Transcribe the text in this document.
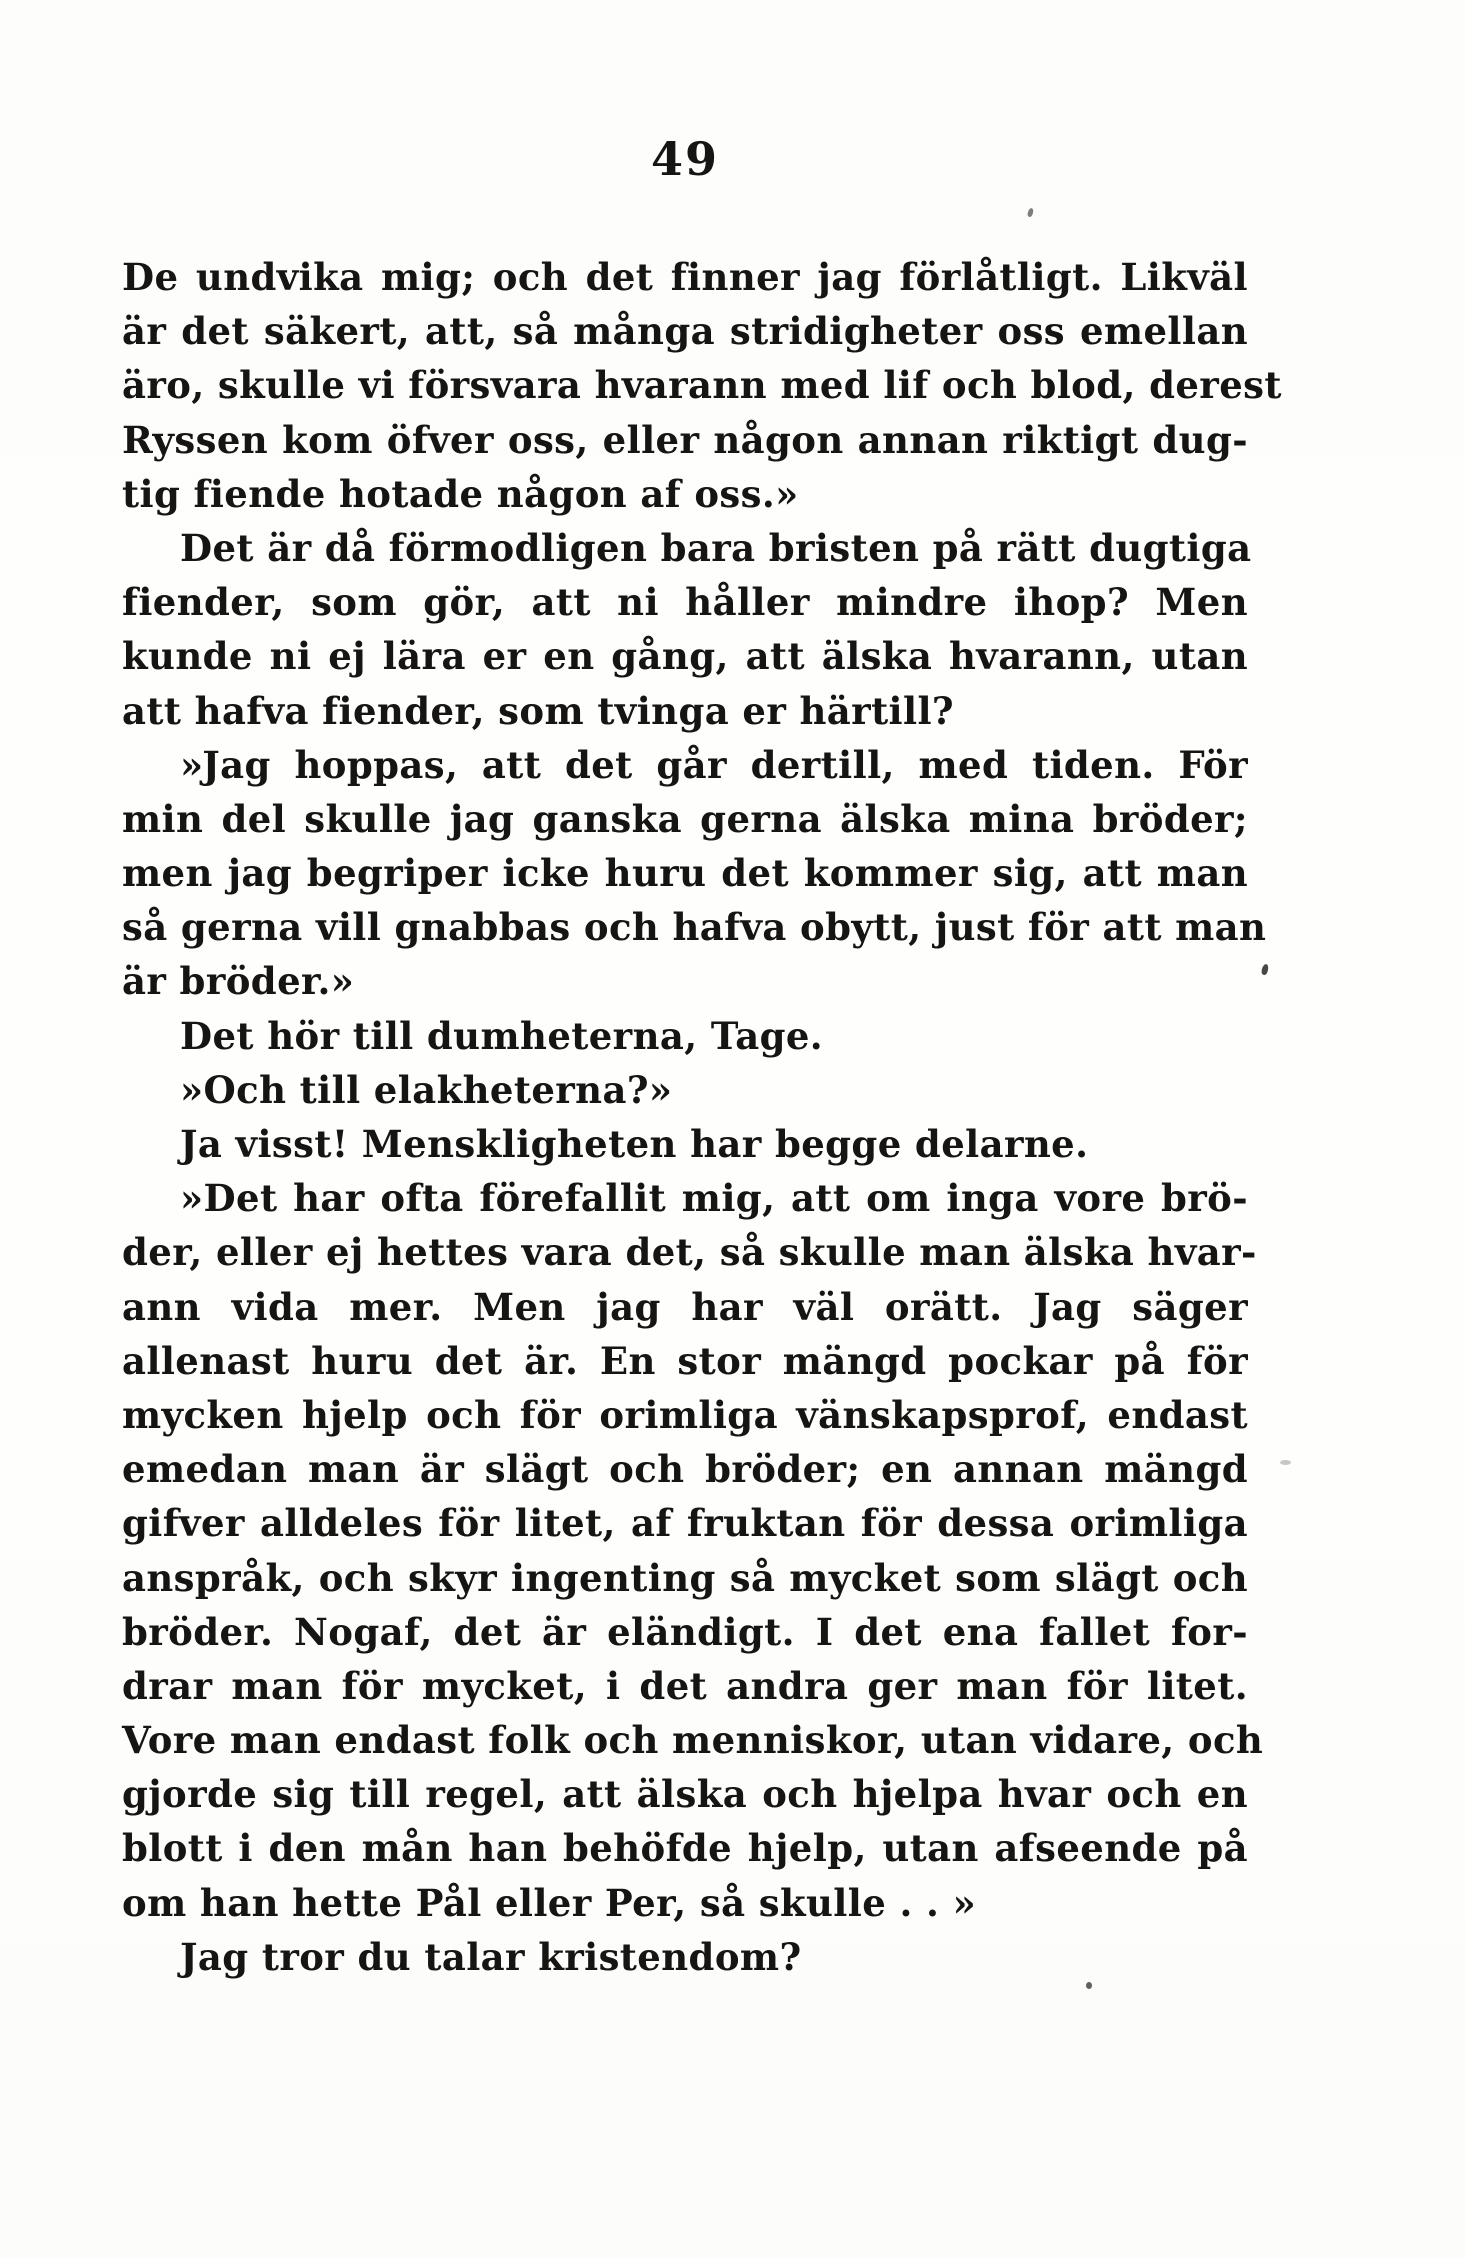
49
De undvika mig; och det finner jag förlåtligt. Likväl
är det säkert, att, så många stridigheter oss emellan
äro, skulle vi försvara hvarann med lif och blod, derest
Ryssen kom öfver oss, eller någon annan riktigt dug-
tig fiende hotade någon af oss.»
Det är då förmodligen bara bristen på rätt dugtiga
fiender, som gör, att ni håller mindre ihop? Men
kunde ni ej lära er en gång, att älska hvarann, utan
att hafva fiender, som tvinga er härtill?
»Jag hoppas, att det går dertill, med tiden. För
min del skulle jag ganska gerna älska mina bröder;
men jag begriper icke huru det kommer sig, att man
så gerna vill gnabbas och hafva obytt, just för att man
är bröder.»
Det hör till dumheterna, Tage.
»Och till elakheterna?»
Ja visst! Menskligheten har begge delarne.
»Det har ofta förefallit mig, att om inga vore brö-
der, eller ej hettes vara det, så skulle man älska hvar-
ann vida mer. Men jag har väl orätt. Jag säger
allenast huru det är. En stor mängd pockar på för
mycken hjelp och för orimliga vänskapsprof, endast
emedan man är slägt och bröder; en annan mängd
gifver alldeles för litet, af fruktan för dessa orimliga
anspråk, och skyr ingenting så mycket som slägt och
bröder. Nogaf, det är eländigt. I det ena fallet for-
drar man för mycket, i det andra ger man för litet.
Vore man endast folk och menniskor, utan vidare, och
gjorde sig till regel, att älska och hjelpa hvar och en
blott i den mån han behöfde hjelp, utan afseende på
om han hette Pål eller Per, så skulle . . »
Jag tror du talar kristendom?
